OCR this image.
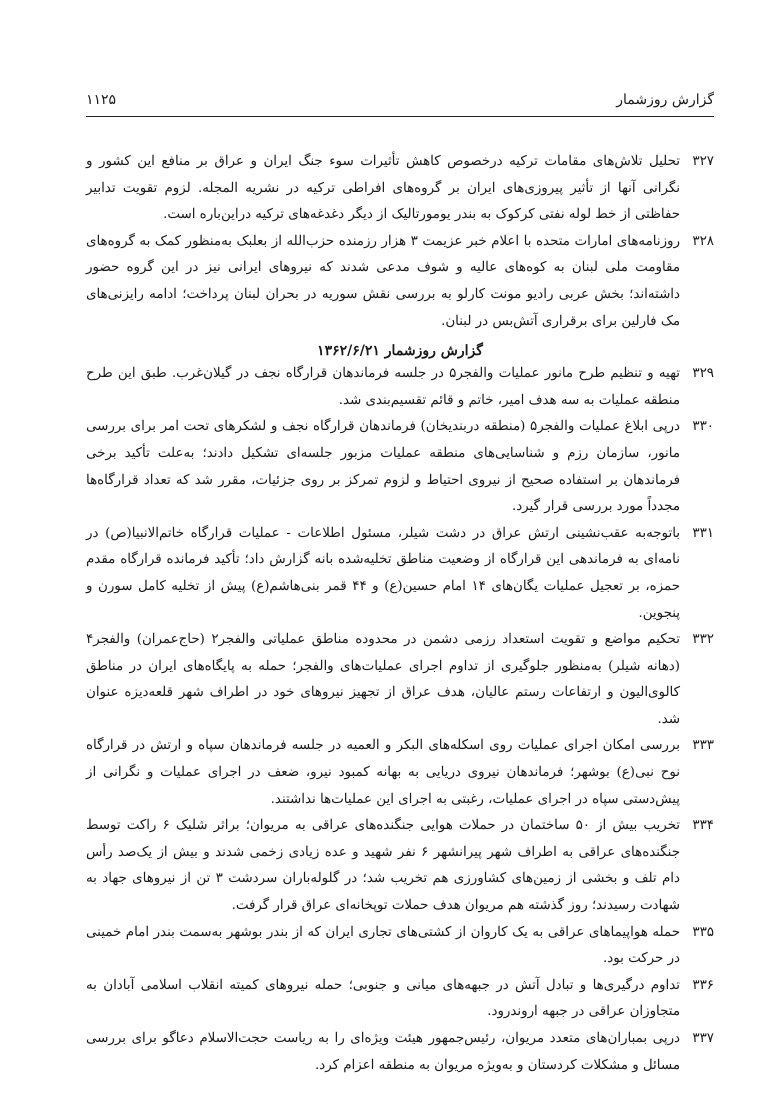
گزارش روزشمار
۱۱۲۵
۳۲۷
تحلیل تلاش‌های مقامات ترکیه درخصوص کاهش تأثیرات سوء جنگ ایران و عراق بر منافع این کشور و نگرانی آنها از تأثیر پیروزی‌های ایران بر گروه‌های افراطی ترکیه در نشریه المجله. لزوم تقویت تدابیر حفاظتی از خط لوله نفتی کرکوک به بندر یومورتالیک از دیگر دغدغه‌های ترکیه دراین‌باره است.
۳۲۸
روزنامه‌های امارات متحده با اعلام خبر عزیمت ۳ هزار رزمنده حزب‌الله از بعلبک به‌منظور کمک به گروه‌های مقاومت ملی لبنان به کوه‌های عالیه و شوف مدعی شدند که نیروهای ایرانی نیز در این گروه حضور داشته‌اند؛ بخش عربی رادیو مونت کارلو به بررسی نقش سوریه در بحران لبنان پرداخت؛ ادامه رایزنی‌های مک فارلین برای برقراری آتش‌بس در لبنان.
گزارش روزشمار ۱۳۶۲/۶/۲۱
۳۲۹
تهیه و تنظیم طرح مانور عملیات والفجر۵ در جلسه فرماندهان قرارگاه نجف در گیلان‌غرب. طبق این طرح منطقه عملیات به سه هدف امیر، خاتم و قائم تقسیم‌بندی شد.
۳۳۰
درپی ابلاغ عملیات والفجر۵ (منطقه دربندیخان) فرماندهان قرارگاه نجف و لشکرهای تحت امر برای بررسی مانور، سازمان رزم و شناسایی‌های منطقه عملیات مزبور جلسه‌ای تشکیل دادند؛ به‌علت تأکید برخی فرماندهان بر استفاده صحیح از نیروی احتیاط و لزوم تمرکز بر روی جزئیات، مقرر شد که تعداد قرارگاه‌ها مجدداً مورد بررسی قرار گیرد.
۳۳۱
باتوجه‌به عقب‌نشینی ارتش عراق در دشت شیلر، مسئول اطلاعات - عملیات قرارگاه خاتم‌الانبیا(ص) در نامه‌ای به فرماندهی این قرارگاه از وضعیت مناطق تخلیه‌شده بانه گزارش داد؛ تأکید فرمانده قرارگاه مقدم حمزه، بر تعجیل عملیات یگان‌های ۱۴ امام حسین(ع) و ۴۴ قمر بنی‌هاشم(ع) پیش از تخلیه کامل سورن و پنجوین.
۳۳۲
تحکیم مواضع و تقویت استعداد رزمی دشمن در محدوده مناطق عملیاتی والفجر۲ (حاج‌عمران) والفجر۴ (دهانه شیلر) به‌منظور جلوگیری از تداوم اجرای عملیات‌های والفجر؛ حمله به پایگاه‌های ایران در مناطق کالوی‌الیون و ارتفاعات رستم عالیان، هدف عراق از تجهیز نیروهای خود در اطراف شهر قلعه‌دیزه عنوان شد.
۳۳۳
بررسی امکان اجرای عملیات روی اسکله‌های البکر و العمیه در جلسه فرماندهان سپاه و ارتش در قرارگاه نوح نبی(ع) بوشهر؛ فرماندهان نیروی دریایی به بهانه کمبود نیرو، ضعف در اجرای عملیات و نگرانی از پیش‌دستی سپاه در اجرای عملیات، رغبتی به اجرای این عملیات‌ها نداشتند.
۳۳۴
تخریب بیش از ۵۰ ساختمان در حملات هوایی جنگنده‌های عراقی به مریوان؛ براثر شلیک ۶ راکت توسط جنگنده‌های عراقی به اطراف شهر پیرانشهر ۶ نفر شهید و عده زیادی زخمی شدند و بیش از یک‌صد رأس دام تلف و بخشی از زمین‌های کشاورزی هم تخریب شد؛ در گلوله‌باران سردشت ۳ تن از نیروهای جهاد به شهادت رسیدند؛ روز گذشته هم مریوان هدف حملات توپخانه‌ای عراق قرار گرفت.
۳۳۵
حمله هواپیماهای عراقی به یک کاروان از کشتی‌های تجاری ایران که از بندر بوشهر به‌سمت بندر امام خمینی در حرکت بود.
۳۳۶
تداوم درگیری‌ها و تبادل آتش در جبهه‌های میانی و جنوبی؛ حمله نیروهای کمیته انقلاب اسلامی آبادان به متجاوزان عراقی در جبهه اروندرود.
۳۳۷
درپی بمباران‌های متعدد مریوان، رئیس‌جمهور هیئت ویژه‌ای را به ریاست حجت‌الاسلام دعاگو برای بررسی مسائل و مشکلات کردستان و به‌ویژه مریوان به منطقه اعزام کرد.
